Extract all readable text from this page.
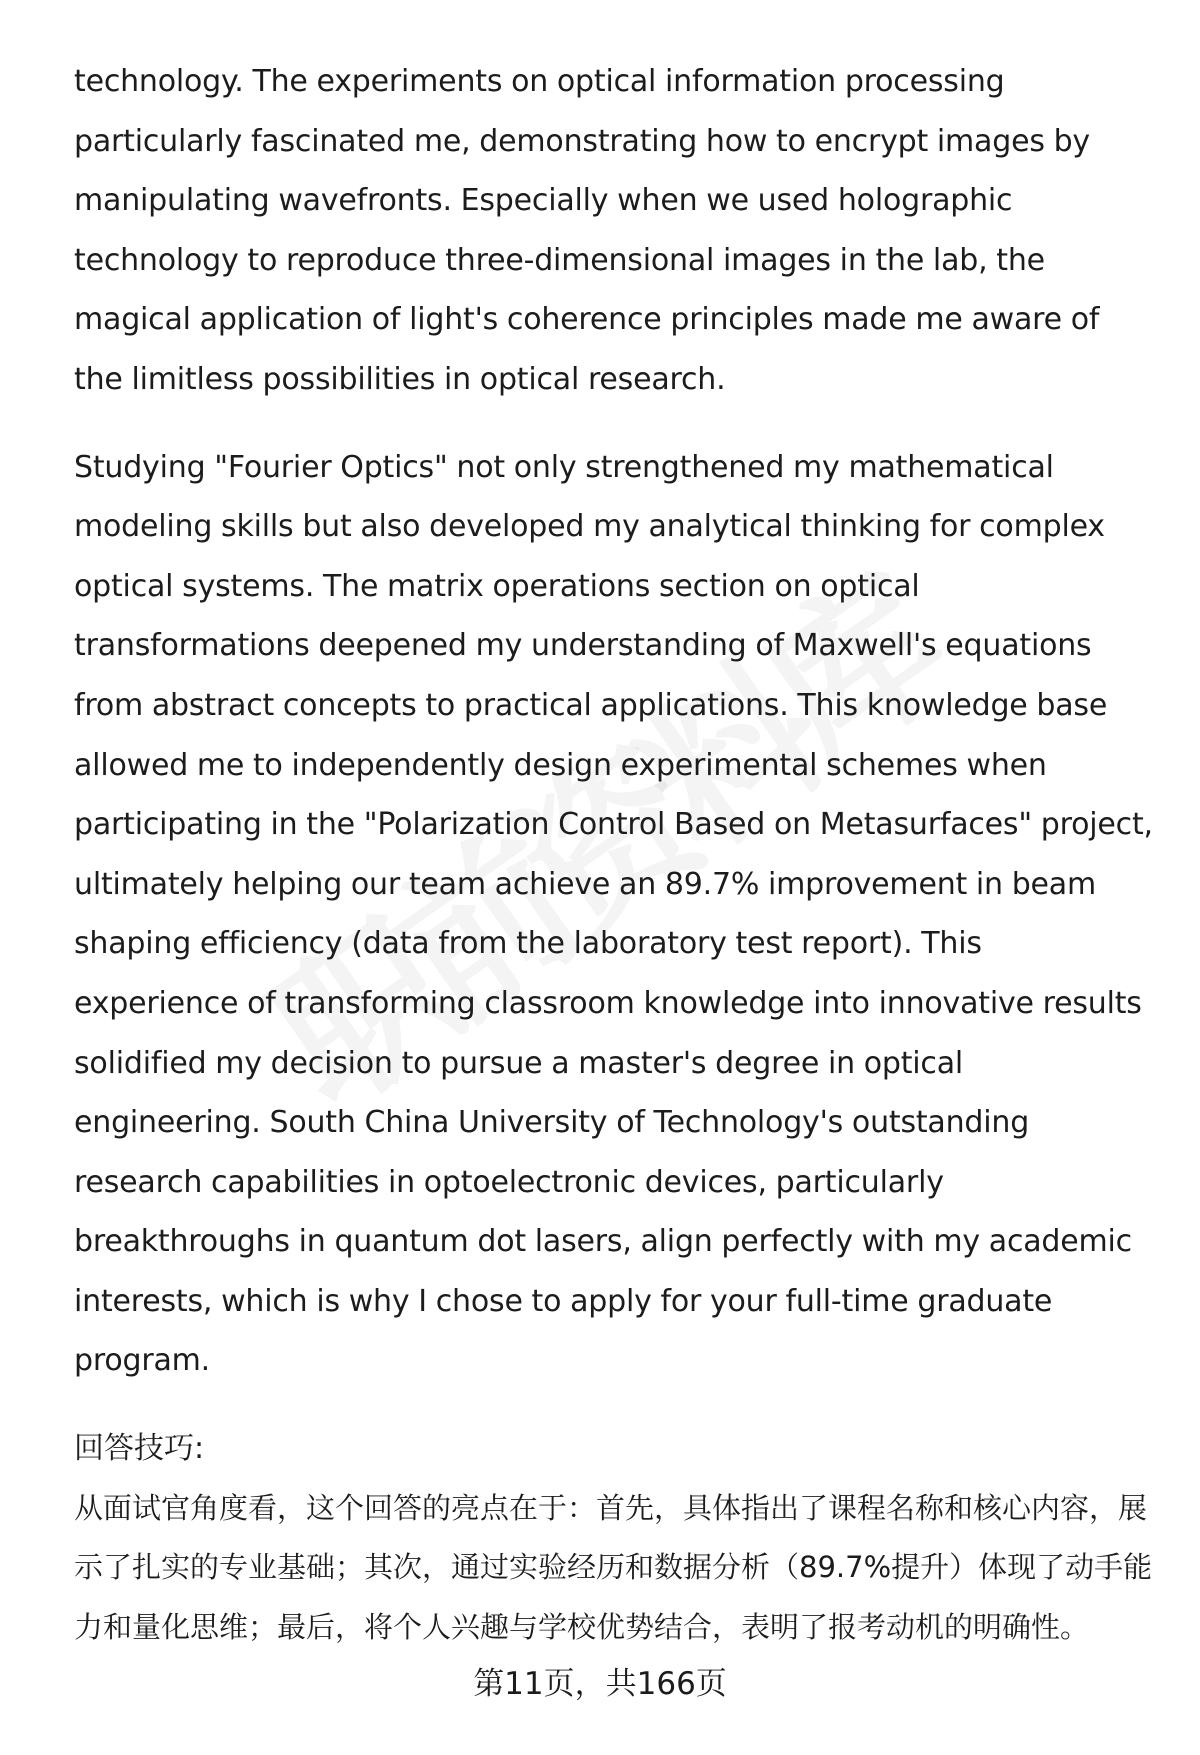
technology. The experiments on optical information processing particularly fascinated me, demonstrating how to encrypt images by manipulating wavefronts. Especially when we used holographic technology to reproduce three-dimensional images in the lab, the magical application of light's coherence principles made me aware of the limitless possibilities in optical research.

Studying "Fourier Optics" not only strengthened my mathematical modeling skills but also developed my analytical thinking for complex optical systems. The matrix operations section on optical transformations deepened my understanding of Maxwell's equations from abstract concepts to practical applications. This knowledge base allowed me to independently design experimental schemes when participating in the "Polarization Control Based on Metasurfaces" project, ultimately helping our team achieve an 89.7% improvement in beam shaping efficiency (data from the laboratory test report). This experience of transforming classroom knowledge into innovative results solidified my decision to pursue a master's degree in optical engineering. South China University of Technology's outstanding research capabilities in optoelectronic devices, particularly breakthroughs in quantum dot lasers, align perfectly with my academic interests, which is why I chose to apply for your full-time graduate program.

回答技巧:

从面试官角度看，这个回答的亮点在于：首先，具体指出了课程名称和核心内容，展示了扎实的专业基础；其次，通过实验经历和数据分析（89.7%提升）体现了动手能力和量化思维；最后，将个人兴趣与学校优势结合，表明了报考动机的明确性。

第11页，共166页
